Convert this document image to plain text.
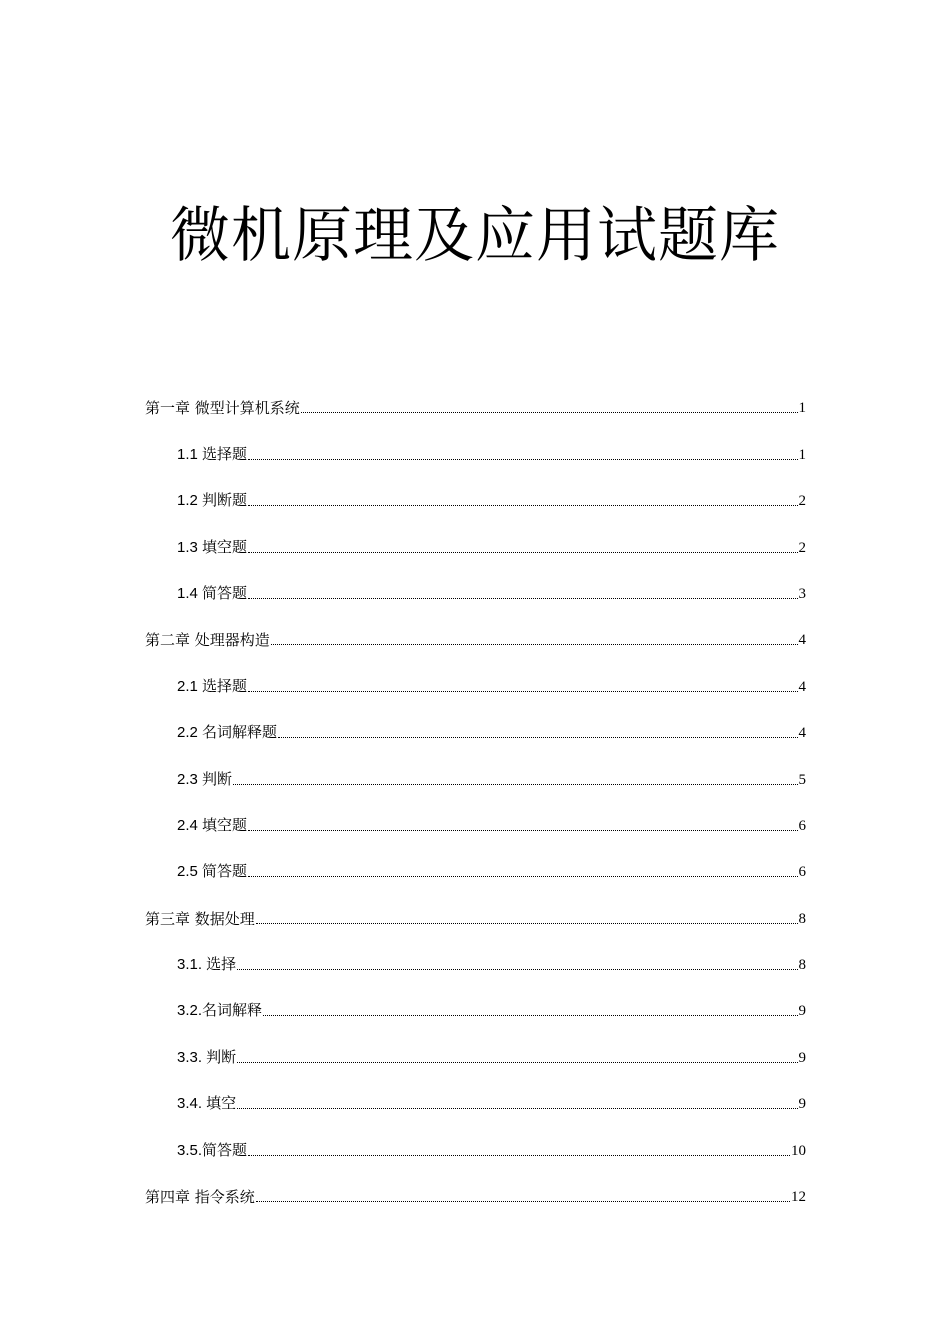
微机原理及应用试题库
第一章 微型计算机系统	1
1.1 选择题	1
1.2 判断题	2
1.3 填空题	2
1.4 简答题	3
第二章 处理器构造	4
2.1 选择题	4
2.2 名词解释题	4
2.3 判断	5
2.4 填空题	6
2.5 简答题	6
第三章 数据处理	8
3.1. 选择	8
3.2.名词解释	9
3.3. 判断	9
3.4. 填空	9
3.5.简答题	10
第四章 指令系统	12
